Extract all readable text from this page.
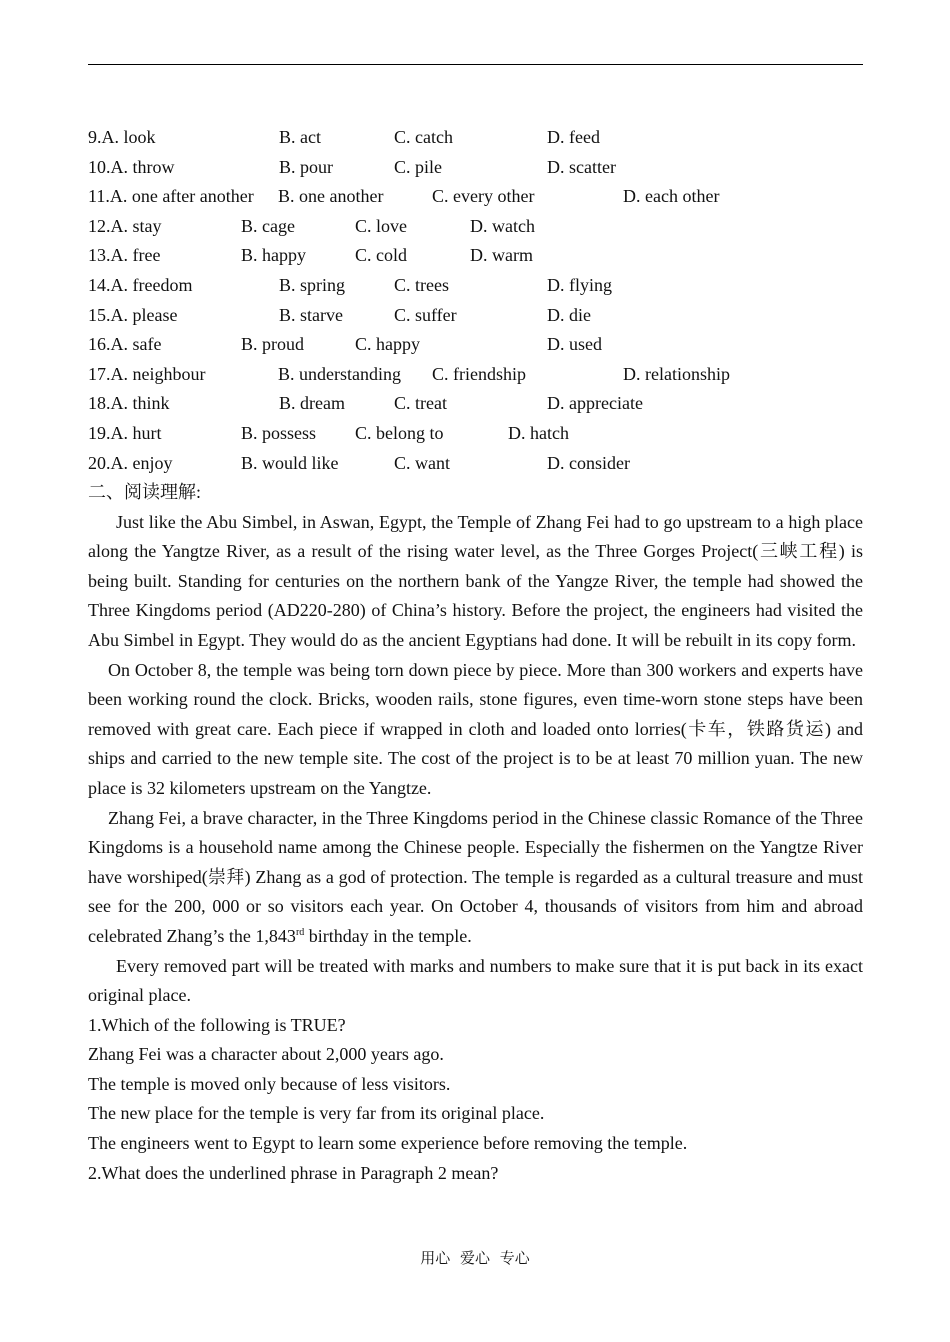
9.A. look	B. act	C. catch	D. feed
10.A. throw	B. pour	C. pile	D. scatter
11.A. one after another B. one another	C. every other	D. each other
12.A. stay	B. cage	C. love	D. watch
13.A. free	B. happy	C. cold	D. warm
14.A. freedom	B. spring	C. trees	D. flying
15.A. please	B. starve	C. suffer	D. die
16.A. safe	B. proud	C. happy	D. used
17.A. neighbour	B. understanding C. friendship	D. relationship
18.A. think	B. dream	C. treat	D. appreciate
19.A. hurt	B. possess C. belong to	D. hatch
20.A. enjoy	B. would like	C. want	D. consider

二、阅读理解:

Just like the Abu Simbel, in Aswan, Egypt, the Temple of Zhang Fei had to go upstream to a high place along the Yangtze River, as a result of the rising water level, as the Three Gorges Project(三峡工程) is being built. Standing for centuries on the northern bank of the Yangze River, the temple had showed the Three Kingdoms period (AD220-280) of China’s history. Before the project, the engineers had visited the Abu Simbel in Egypt. They would do as the ancient Egyptians had done. It will be rebuilt in its copy form.

On October 8, the temple was being torn down piece by piece. More than 300 workers and experts have been working round the clock. Bricks, wooden rails, stone figures, even time-worn stone steps have been removed with great care. Each piece if wrapped in cloth and loaded onto lorries(卡车，铁路货运) and ships and carried to the new temple site. The cost of the project is to be at least 70 million yuan. The new place is 32 kilometers upstream on the Yangtze.

Zhang Fei, a brave character, in the Three Kingdoms period in the Chinese classic Romance of the Three Kingdoms is a household name among the Chinese people. Especially the fishermen on the Yangtze River have worshiped(崇拜) Zhang as a god of protection. The temple is regarded as a cultural treasure and must see for the 200, 000 or so visitors each year. On October 4, thousands of visitors from him and abroad celebrated Zhang’s the 1,843rd birthday in the temple.

Every removed part will be treated with marks and numbers to make sure that it is put back in its exact original place.

1.Which of the following is TRUE?

Zhang Fei was a character about 2,000 years ago.

The temple is moved only because of less visitors.

The new place for the temple is very far from its original place.

The engineers went to Egypt to learn some experience before removing the temple.

2.What does the underlined phrase in Paragraph 2 mean?

用心 爱心 专心
